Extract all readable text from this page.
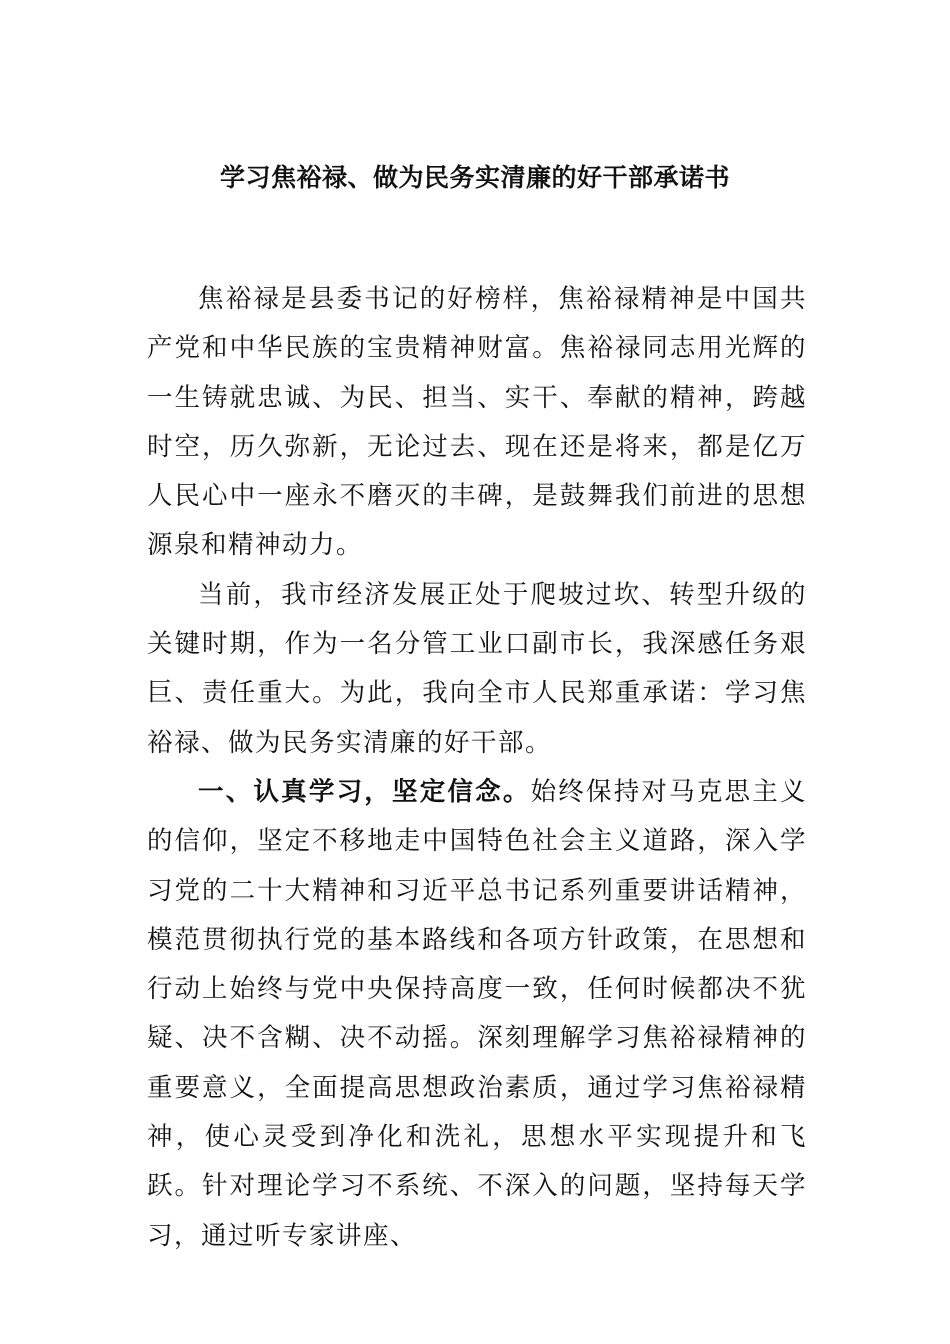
学习焦裕禄、做为民务实清廉的好干部承诺书

焦裕禄是县委书记的好榜样，焦裕禄精神是中国共产党和中华民族的宝贵精神财富。焦裕禄同志用光辉的一生铸就忠诚、为民、担当、实干、奉献的精神，跨越时空，历久弥新，无论过去、现在还是将来，都是亿万人民心中一座永不磨灭的丰碑，是鼓舞我们前进的思想源泉和精神动力。

当前，我市经济发展正处于爬坡过坎、转型升级的关键时期，作为一名分管工业口副市长，我深感任务艰巨、责任重大。为此，我向全市人民郑重承诺：学习焦裕禄、做为民务实清廉的好干部。

一、认真学习，坚定信念。始终保持对马克思主义的信仰，坚定不移地走中国特色社会主义道路，深入学习党的二十大精神和习近平总书记系列重要讲话精神，模范贯彻执行党的基本路线和各项方针政策，在思想和行动上始终与党中央保持高度一致，任何时候都决不犹疑、决不含糊、决不动摇。深刻理解学习焦裕禄精神的重要意义，全面提高思想政治素质，通过学习焦裕禄精神，使心灵受到净化和洗礼，思想水平实现提升和飞跃。针对理论学习不系统、不深入的问题，坚持每天学习，通过听专家讲座、
